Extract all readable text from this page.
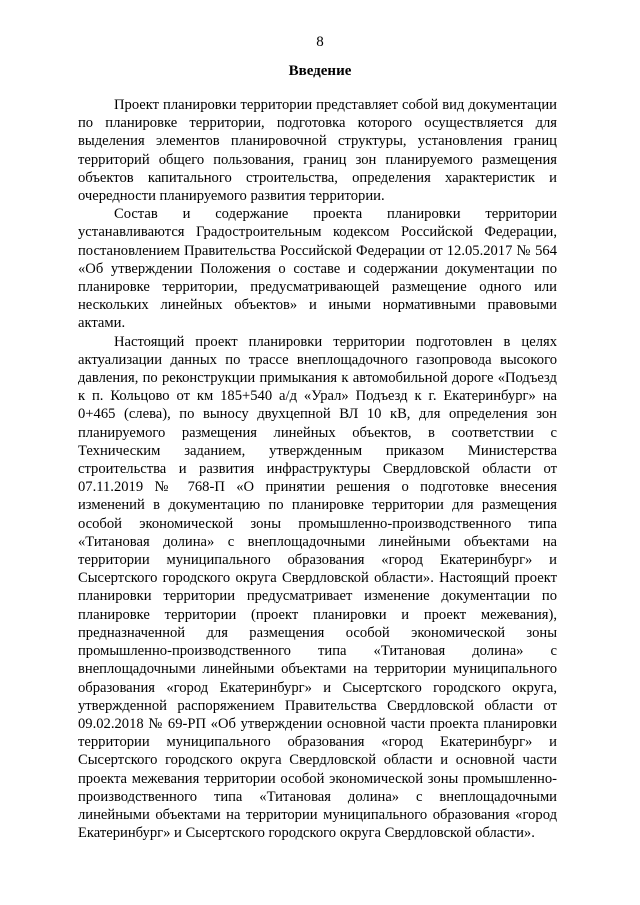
8
Введение

Проект планировки территории представляет собой вид документации по планировке территории, подготовка которого осуществляется для выделения элементов планировочной структуры, установления границ территорий общего пользования, границ зон планируемого размещения объектов капитального строительства, определения характеристик и очередности планируемого развития территории.

Состав и содержание проекта планировки территории устанавливаются Градостроительным кодексом Российской Федерации, постановлением Правительства Российской Федерации от 12.05.2017 № 564 «Об утверждении Положения о составе и содержании документации по планировке территории, предусматривающей размещение одного или нескольких линейных объектов» и иными нормативными правовыми актами.

Настоящий проект планировки территории подготовлен в целях актуализации данных по трассе внеплощадочного газопровода высокого давления, по реконструкции примыкания к автомобильной дороге «Подъезд к п. Кольцово от км 185+540 а/д «Урал» Подъезд к г. Екатеринбург» на 0+465 (слева), по выносу двухцепной ВЛ 10 кВ, для определения зон планируемого размещения линейных объектов, в соответствии с Техническим заданием, утвержденным приказом Министерства строительства и развития инфраструктуры Свердловской области от 07.11.2019 № 768-П «О принятии решения о подготовке внесения изменений в документацию по планировке территории для размещения особой экономической зоны промышленно-производственного типа «Титановая долина» с внеплощадочными линейными объектами на территории муниципального образования «город Екатеринбург» и Сысертского городского округа Свердловской области». Настоящий проект планировки территории предусматривает изменение документации по планировке территории (проект планировки и проект межевания), предназначенной для размещения особой экономической зоны промышленно-производственного типа «Титановая долина» с внеплощадочными линейными объектами на территории муниципального образования «город Екатеринбург» и Сысертского городского округа, утвержденной распоряжением Правительства Свердловской области от 09.02.2018 № 69-РП «Об утверждении основной части проекта планировки территории муниципального образования «город Екатеринбург» и Сысертского городского округа Свердловской области и основной части проекта межевания территории особой экономической зоны промышленно-производственного типа «Титановая долина» с внеплощадочными линейными объектами на территории муниципального образования «город Екатеринбург» и Сысертского городского округа Свердловской области».
